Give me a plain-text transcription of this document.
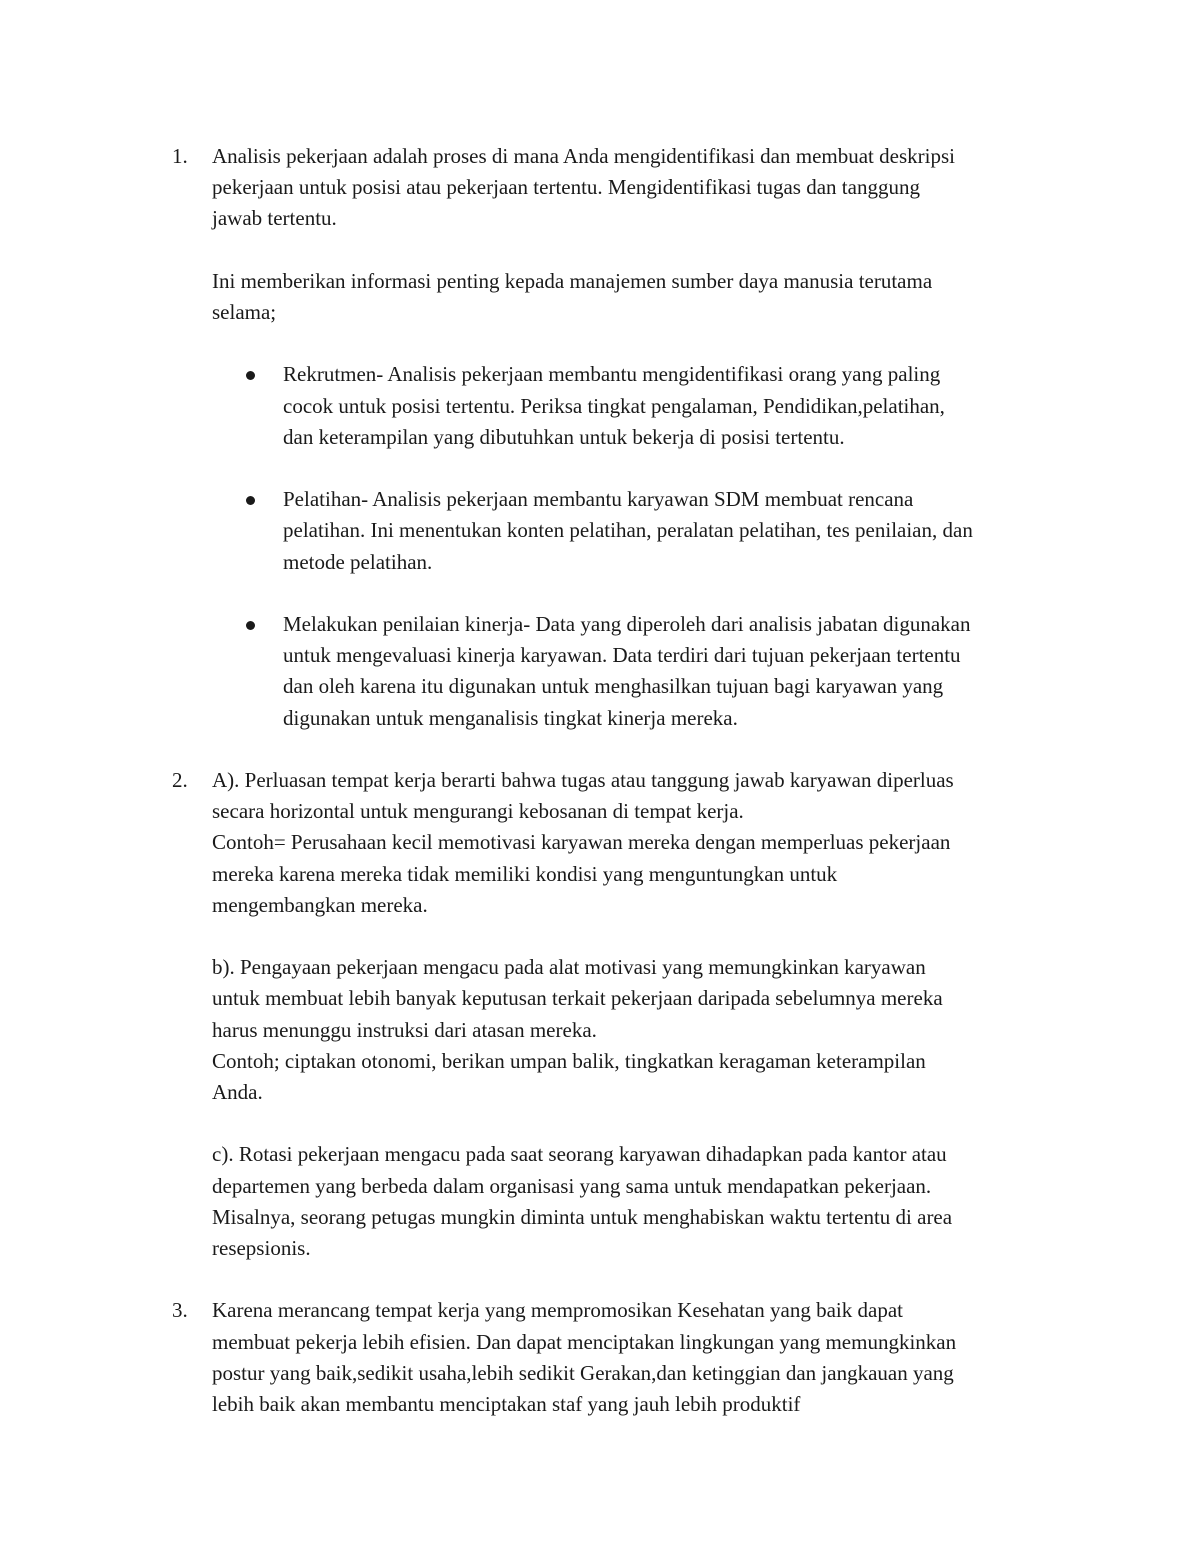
1. Analisis pekerjaan adalah proses di mana Anda mengidentifikasi dan membuat deskripsi
pekerjaan untuk posisi atau pekerjaan tertentu. Mengidentifikasi tugas dan tanggung
jawab tertentu.

Ini memberikan informasi penting kepada manajemen sumber daya manusia terutama
selama;

Rekrutmen- Analisis pekerjaan membantu mengidentifikasi orang yang paling
cocok untuk posisi tertentu. Periksa tingkat pengalaman, Pendidikan,pelatihan,
dan keterampilan yang dibutuhkan untuk bekerja di posisi tertentu.
Pelatihan- Analisis pekerjaan membantu karyawan SDM membuat rencana
pelatihan. Ini menentukan konten pelatihan, peralatan pelatihan, tes penilaian, dan
metode pelatihan.
Melakukan penilaian kinerja- Data yang diperoleh dari analisis jabatan digunakan
untuk mengevaluasi kinerja karyawan. Data terdiri dari tujuan pekerjaan tertentu
dan oleh karena itu digunakan untuk menghasilkan tujuan bagi karyawan yang
digunakan untuk menganalisis tingkat kinerja mereka.
2. A). Perluasan tempat kerja berarti bahwa tugas atau tanggung jawab karyawan diperluas
secara horizontal untuk mengurangi kebosanan di tempat kerja.
Contoh= Perusahaan kecil memotivasi karyawan mereka dengan memperluas pekerjaan
mereka karena mereka tidak memiliki kondisi yang menguntungkan untuk
mengembangkan mereka.

b). Pengayaan pekerjaan mengacu pada alat motivasi yang memungkinkan karyawan
untuk membuat lebih banyak keputusan terkait pekerjaan daripada sebelumnya mereka
harus menunggu instruksi dari atasan mereka.
Contoh; ciptakan otonomi, berikan umpan balik, tingkatkan keragaman keterampilan
Anda.

c). Rotasi pekerjaan mengacu pada saat seorang karyawan dihadapkan pada kantor atau
departemen yang berbeda dalam organisasi yang sama untuk mendapatkan pekerjaan.
Misalnya, seorang petugas mungkin diminta untuk menghabiskan waktu tertentu di area
resepsionis.

3. Karena merancang tempat kerja yang mempromosikan Kesehatan yang baik dapat
membuat pekerja lebih efisien. Dan dapat menciptakan lingkungan yang memungkinkan
postur yang baik,sedikit usaha,lebih sedikit Gerakan,dan ketinggian dan jangkauan yang
lebih baik akan membantu menciptakan staf yang jauh lebih produktif
